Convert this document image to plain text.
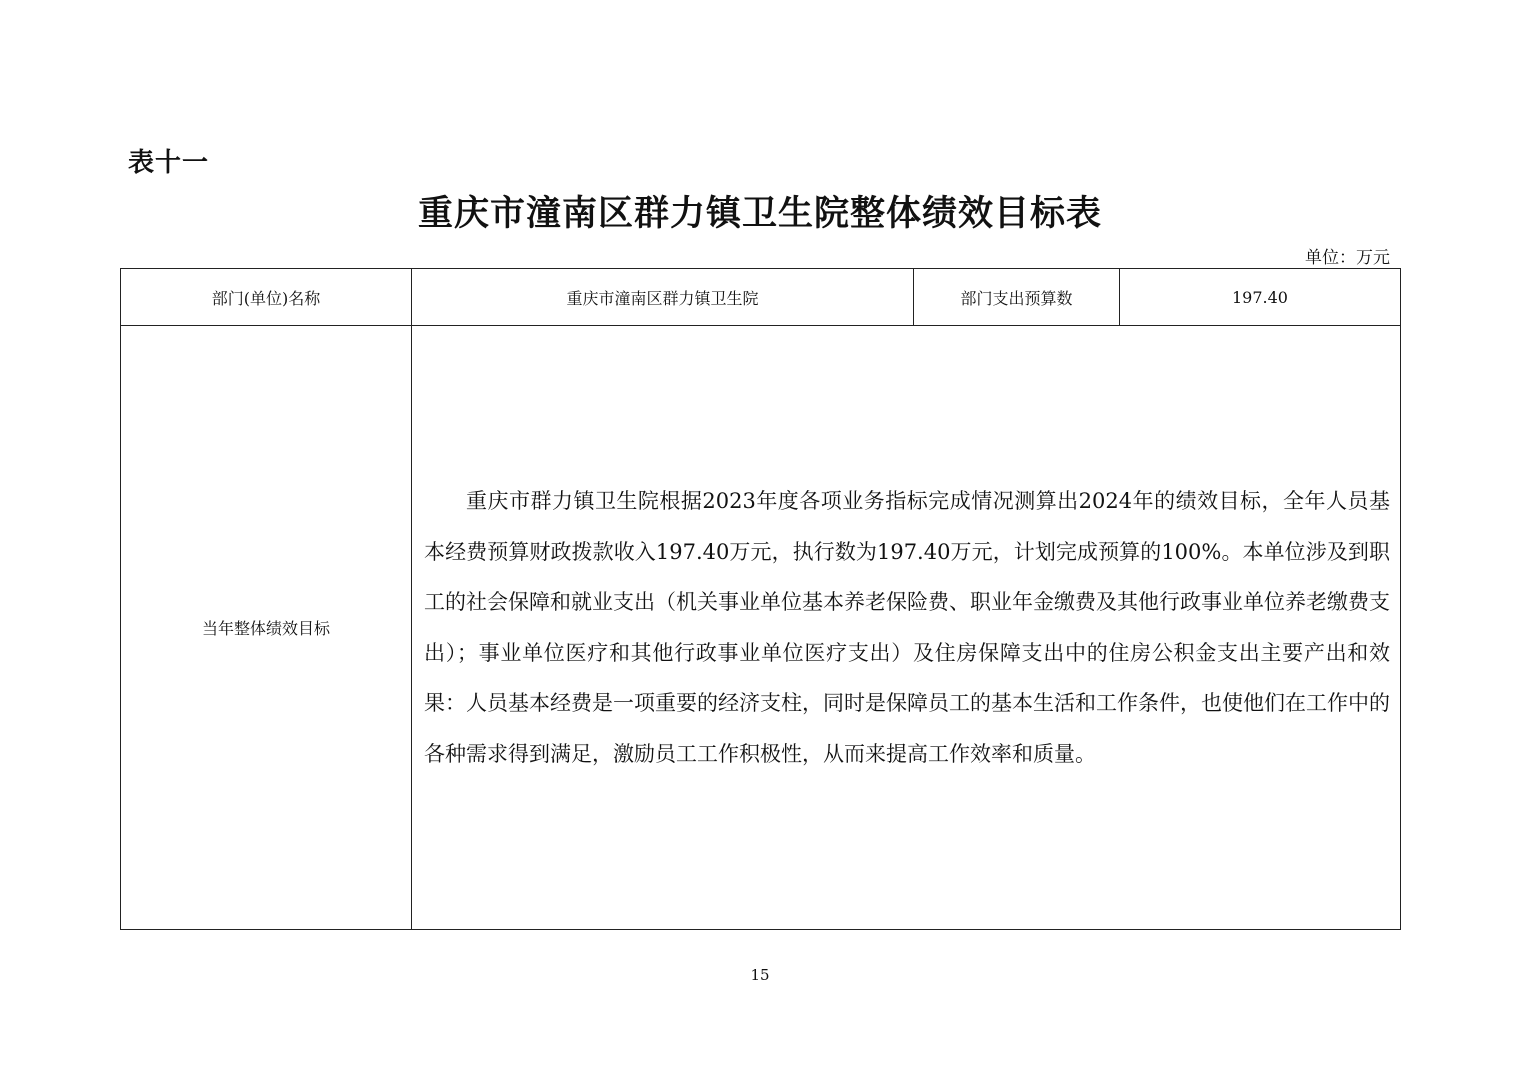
表十一
重庆市潼南区群力镇卫生院整体绩效目标表
单位：万元
部门(单位)名称	重庆市潼南区群力镇卫生院	部门支出预算数	197.40
当年整体绩效目标	重庆市群力镇卫生院根据2023年度各项业务指标完成情况测算出2024年的绩效目标，全年人员基本经费预算财政拨款收入197.40万元，执行数为197.40万元，计划完成预算的100%。本单位涉及到职工的社会保障和就业支出（机关事业单位基本养老保险费、职业年金缴费及其他行政事业单位养老缴费支出）；事业单位医疗和其他行政事业单位医疗支出）及住房保障支出中的住房公积金支出主要产出和效果：人员基本经费是一项重要的经济支柱，同时是保障员工的基本生活和工作条件，也使他们在工作中的各种需求得到满足，激励员工工作积极性，从而来提高工作效率和质量。		

15
